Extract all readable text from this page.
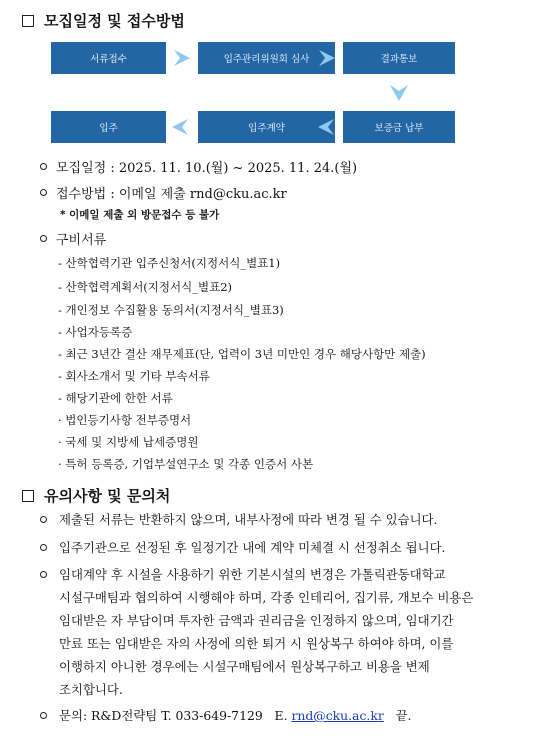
모집일정 및 접수방법
서류접수	입주관리위원회 심사	결과통보
입주	입주계약	보증금 납부
모집일정 : 2025. 11. 10.(월) ~ 2025. 11. 24.(월)
접수방법 : 이메일 제출 rnd@cku.ac.kr
* 이메일 제출 외 방문접수 등 불가
구비서류
- 산학협력기관 입주신청서(지정서식_별표1)
- 산학협력계획서(지정서식_별표2)
- 개인정보 수집활용 동의서(지정서식_별표3)
- 사업자등록증
- 최근 3년간 결산 재무제표(단, 업력이 3년 미만인 경우 해당사항만 제출)
- 회사소개서 및 기타 부속서류
- 해당기관에 한한 서류
· 법인등기사항 전부증명서
· 국세 및 지방세 납세증명원
· 특허 등록증, 기업부설연구소 및 각종 인증서 사본
유의사항 및 문의처
제출된 서류는 반환하지 않으며, 내부사정에 따라 변경 될 수 있습니다.
입주기관으로 선정된 후 일정기간 내에 계약 미체결 시 선정취소 됩니다.
임대계약 후 시설을 사용하기 위한 기본시설의 변경은 가톨릭관동대학교
시설구매팀과 협의하여 시행해야 하며, 각종 인테리어, 집기류, 개보수 비용은
임대받은 자 부담이며 투자한 금액과 권리금을 인정하지 않으며, 임대기간
만료 또는 임대받은 자의 사정에 의한 퇴거 시 원상복구 하여야 하며, 이를
이행하지 아니한 경우에는 시설구매팀에서 원상복구하고 비용을 변제
조치합니다.
문의: R&D전략팀 T. 033-649-7129   E. rnd@cku.ac.kr   끝.
